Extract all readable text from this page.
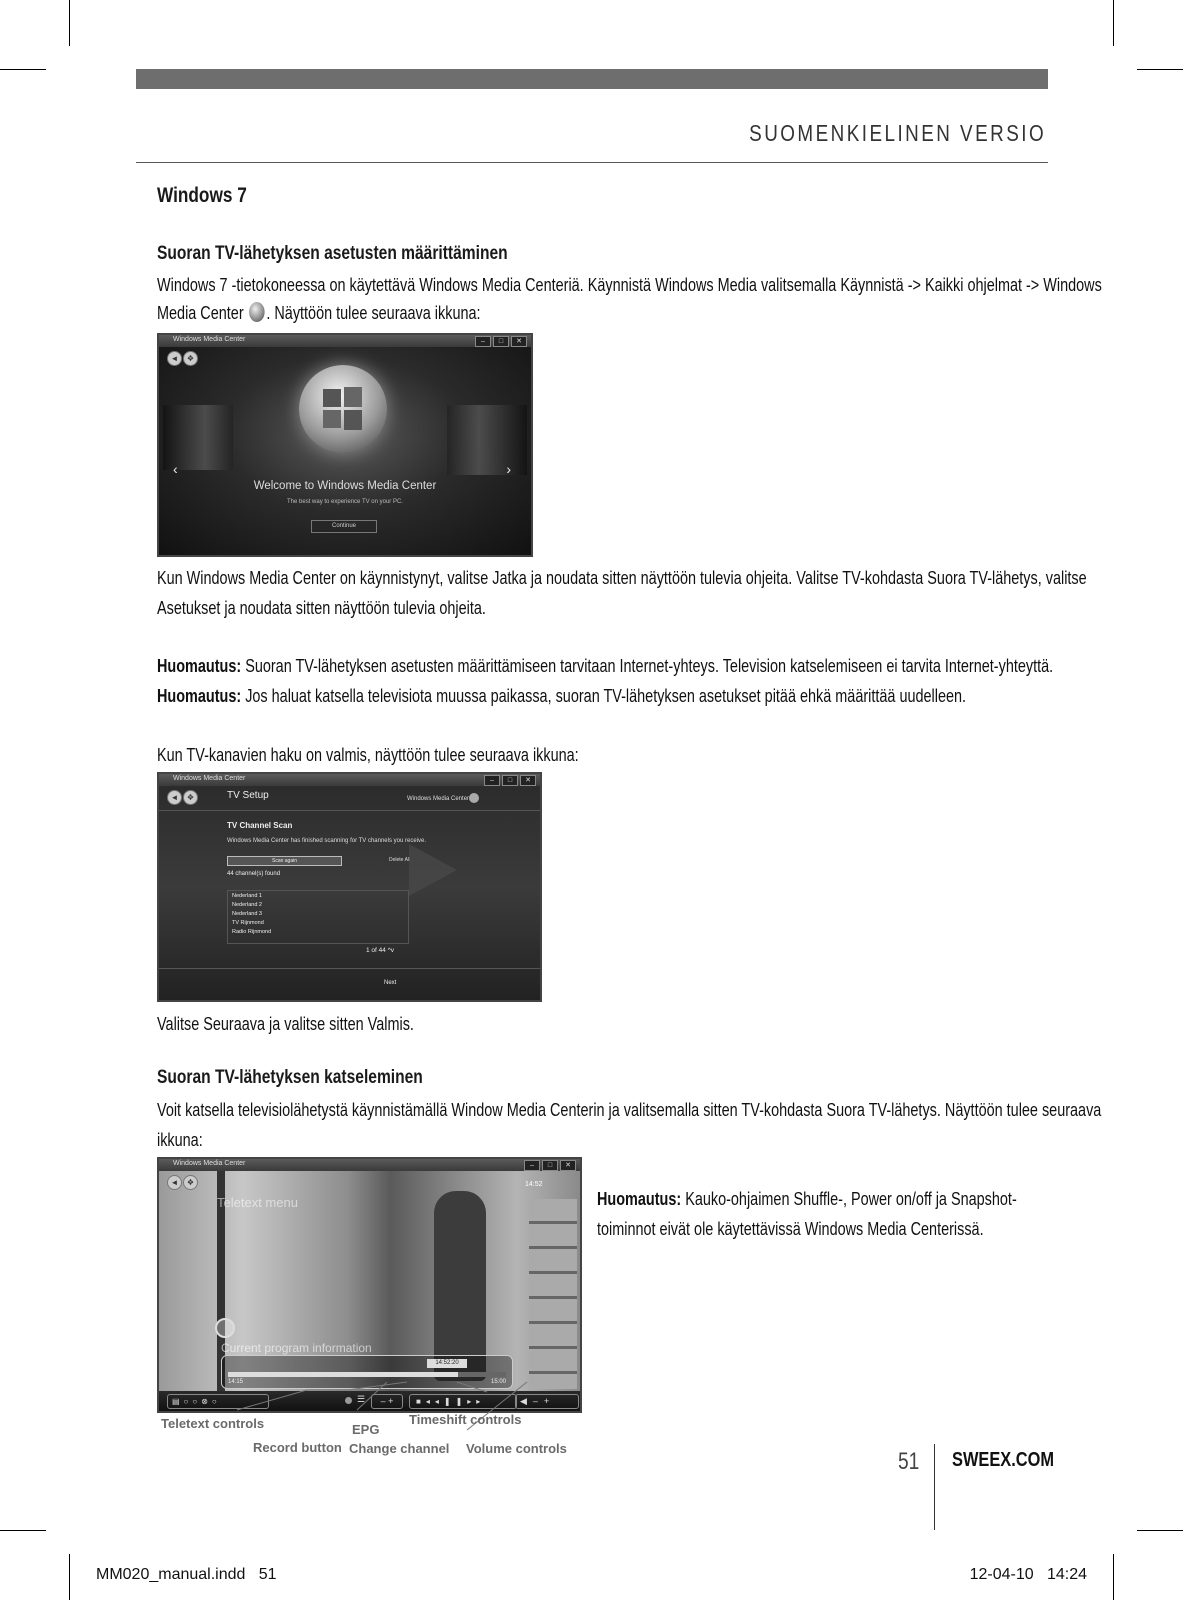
SUOMENKIELINEN VERSIO
Windows 7
Suoran TV-lähetyksen asetusten määrittäminen
Windows 7 -tietokoneessa on käytettävä Windows Media Centeriä. Käynnistä Windows Media valitsemalla Käynnistä -> Kaikki ohjelmat -> Windows
Media Center . Näyttöön tulee seuraava ikkuna:
Windows Media Center	–	□	✕
◄	❖
‹	›
Welcome to Windows Media Center
The best way to experience TV on your PC.
Continue
Kun Windows Media Center on käynnistynyt, valitse Jatka ja noudata sitten näyttöön tulevia ohjeita. Valitse TV-kohdasta Suora TV-lähetys, valitse
Asetukset ja noudata sitten näyttöön tulevia ohjeita.
Huomautus: Suoran TV-lähetyksen asetusten määrittämiseen tarvitaan Internet-yhteys. Television katselemiseen ei tarvita Internet-yhteyttä.
Huomautus: Jos haluat katsella televisiota muussa paikassa, suoran TV-lähetyksen asetukset pitää ehkä määrittää uudelleen.
Kun TV-kanavien haku on valmis, näyttöön tulee seuraava ikkuna:
Windows Media Center	–	□	✕
◄	❖	TV Setup	Windows Media Center
TV Channel Scan
Windows Media Center has finished scanning for TV channels you receive.
Scan again	Delete All
44 channel(s) found
Nederland 1
Nederland 2
Nederland 3
TV Rijnmond
Radio Rijnmond
1 of 44 ^v
Next
Valitse Seuraava ja valitse sitten Valmis.
Suoran TV-lähetyksen katseleminen
Voit katsella televisiolähetystä käynnistämällä Window Media Centerin ja valitsemalla sitten TV-kohdasta Suora TV-lähetys. Näyttöön tulee seuraava
ikkuna:
Windows Media Center	–	□	✕
◄	❖	14:52
Teletext menu
Current program information
14:52:20
14:15	15:00
▤○○⊗○	☰	– +	■◂◂❚❚▸▸	◀–+
Teletext controls	EPG
Timeshift controls
Record button Change channel Volume controls
Huomautus: Kauko-ohjaimen Shuffle-, Power on/off ja Snapshot-
toiminnot eivät ole käytettävissä Windows Media Centerissä.
51 SWEEX.COM
MM020_manual.indd   51	12-04-10   14:24
